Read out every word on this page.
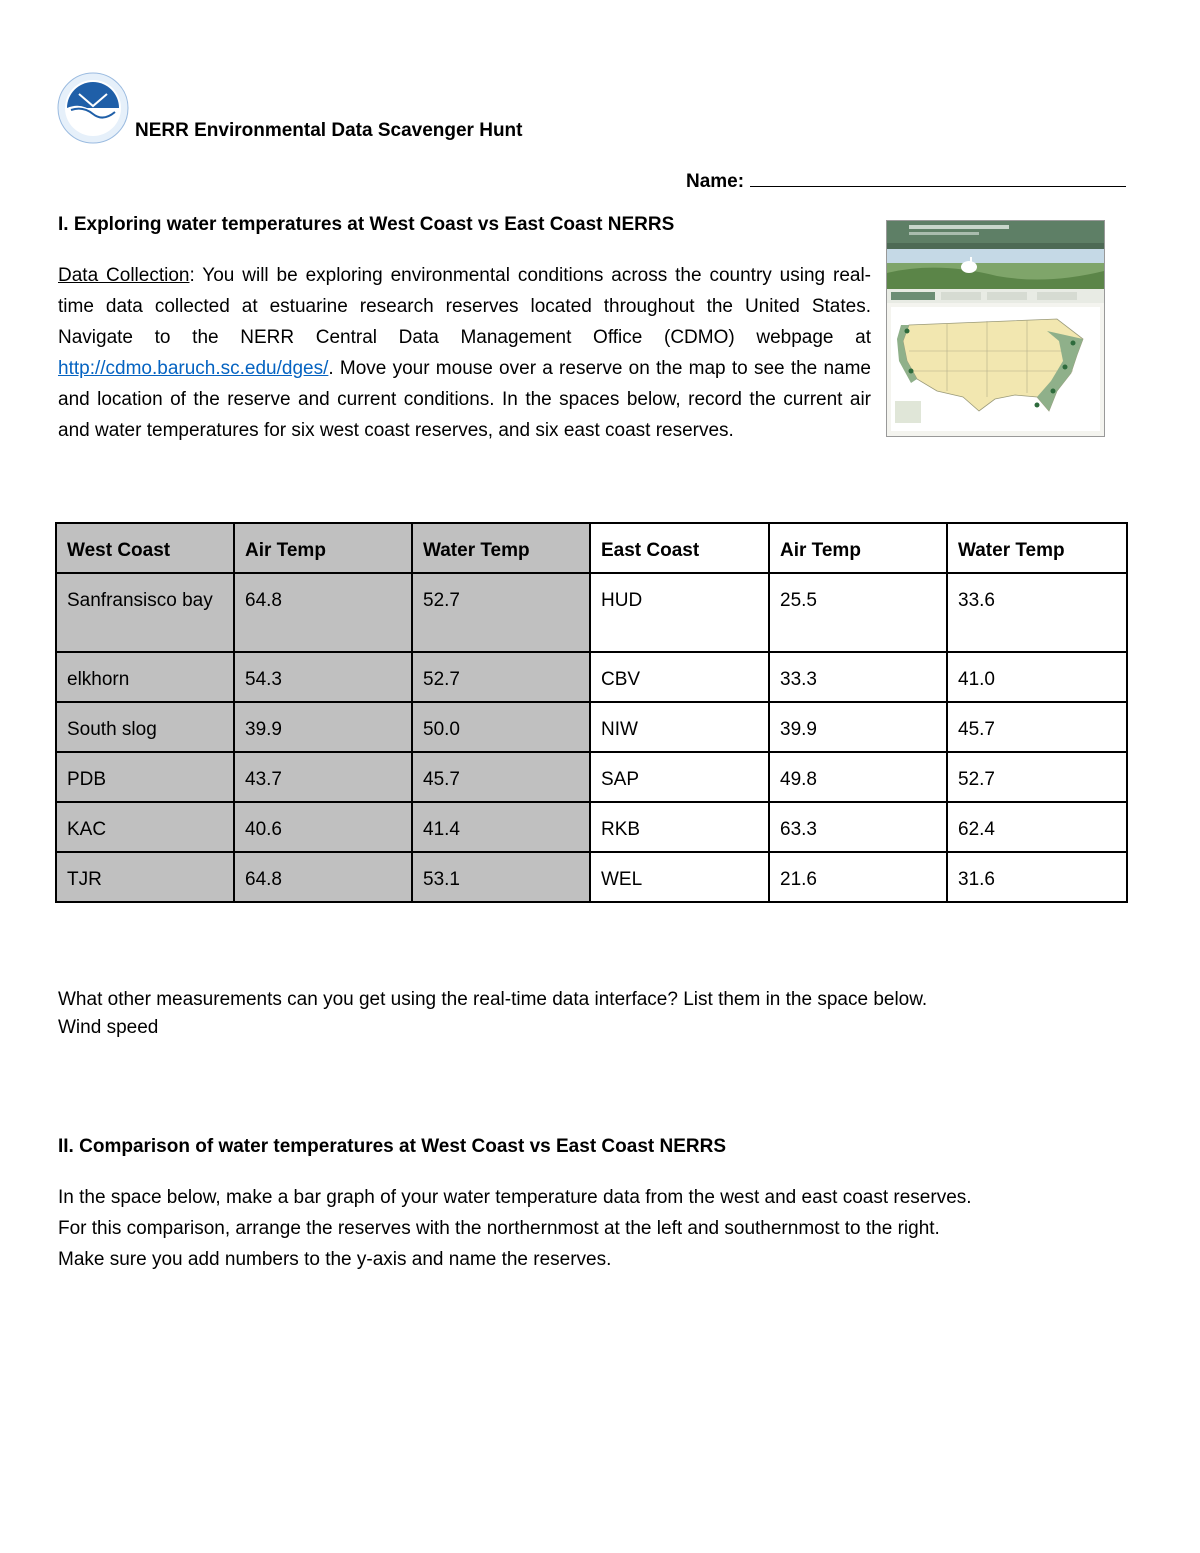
NERR Environmental Data Scavenger Hunt
Name:
I. Exploring water temperatures at West Coast vs East Coast NERRS
Data Collection: You will be exploring environmental conditions across the country using real-time data collected at estuarine research reserves located throughout the United States. Navigate to the NERR Central Data Management Office (CDMO) webpage at http://cdmo.baruch.sc.edu/dges/. Move your mouse over a reserve on the map to see the name and location of the reserve and current conditions. In the spaces below, record the current air and water temperatures for six west coast reserves, and six east coast reserves.
West Coast	Air Temp	Water Temp	East Coast	Air Temp	Water Temp
Sanfransisco bay	64.8	52.7	HUD	25.5	33.6
elkhorn	54.3	52.7	CBV	33.3	41.0
South slog	39.9	50.0	NIW	39.9	45.7
PDB	43.7	45.7	SAP	49.8	52.7
KAC	40.6	41.4	RKB	63.3	62.4
TJR	64.8	53.1	WEL	21.6	31.6
What other measurements can you get using the real-time data interface? List them in the space below.
Wind speed
II. Comparison of water temperatures at West Coast vs East Coast NERRS
In the space below, make a bar graph of your water temperature data from the west and east coast reserves.
For this comparison, arrange the reserves with the northernmost at the left and southernmost to the right.
Make sure you add numbers to the y-axis and name the reserves.
